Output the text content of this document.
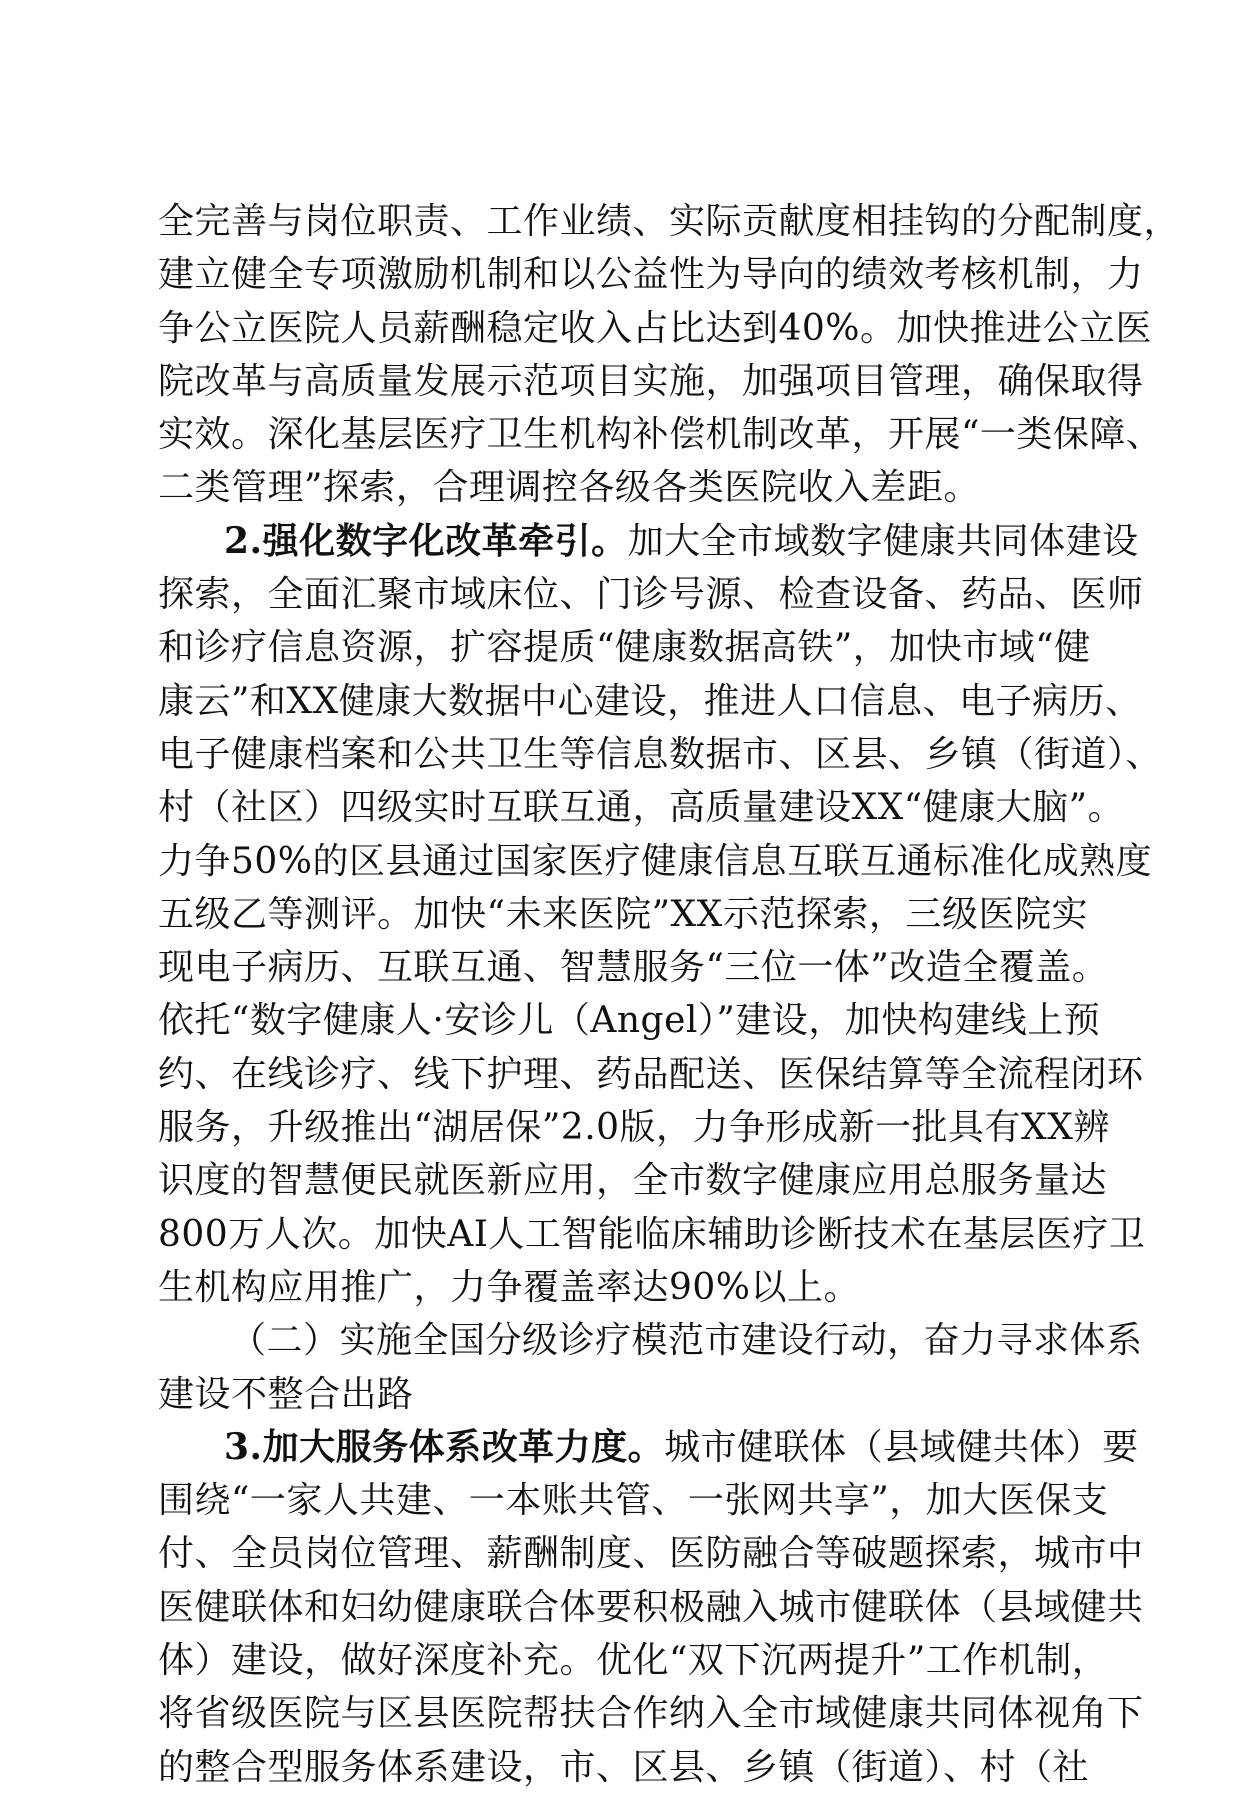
全完善与岗位职责、工作业绩、实际贡献度相挂钩的分配制度，
建立健全专项激励机制和以公益性为导向的绩效考核机制，力
争公立医院人员薪酬稳定收入占比达到40%。加快推进公立医
院改革与高质量发展示范项目实施，加强项目管理，确保取得
实效。深化基层医疗卫生机构补偿机制改革，开展“一类保障、
二类管理”探索，合理调控各级各类医院收入差距。
2.强化数字化改革牵引。加大全市域数字健康共同体建设
探索，全面汇聚市域床位、门诊号源、检查设备、药品、医师
和诊疗信息资源，扩容提质“健康数据高铁”，加快市域“健
康云”和XX健康大数据中心建设，推进人口信息、电子病历、
电子健康档案和公共卫生等信息数据市、区县、乡镇（街道）、
村（社区）四级实时互联互通，高质量建设XX“健康大脑”。
力争50%的区县通过国家医疗健康信息互联互通标准化成熟度
五级乙等测评。加快“未来医院”XX示范探索，三级医院实
现电子病历、互联互通、智慧服务“三位一体”改造全覆盖。
依托“数字健康人·安诊儿（Angel）”建设，加快构建线上预
约、在线诊疗、线下护理、药品配送、医保结算等全流程闭环
服务，升级推出“湖居保”2.0版，力争形成新一批具有XX辨
识度的智慧便民就医新应用，全市数字健康应用总服务量达
800万人次。加快AI人工智能临床辅助诊断技术在基层医疗卫
生机构应用推广，力争覆盖率达90%以上。
（二）实施全国分级诊疗模范市建设行动，奋力寻求体系
建设不整合出路
3.加大服务体系改革力度。城市健联体（县域健共体）要
围绕“一家人共建、一本账共管、一张网共享”，加大医保支
付、全员岗位管理、薪酬制度、医防融合等破题探索，城市中
医健联体和妇幼健康联合体要积极融入城市健联体（县域健共
体）建设，做好深度补充。优化“双下沉两提升”工作机制，
将省级医院与区县医院帮扶合作纳入全市域健康共同体视角下
的整合型服务体系建设，市、区县、乡镇（街道）、村（社
